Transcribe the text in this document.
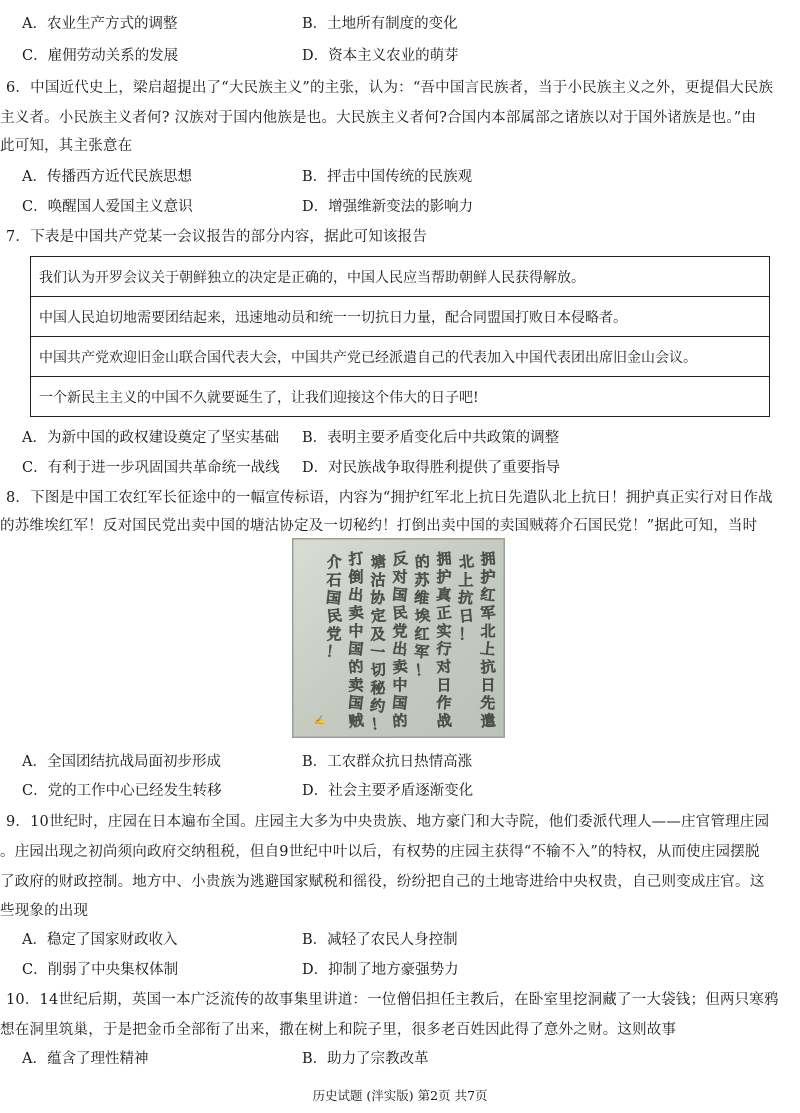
A．农业生产方式的调整	B．土地所有制度的变化
C．雇佣劳动关系的发展	D．资本主义农业的萌芽
6．中国近代史上，梁启超提出了“大民族主义”的主张，认为：“吾中国言民族者，当于小民族主义之外，更提倡大民族
主义者。小民族主义者何? 汉族对于国内他族是也。大民族主义者何?合国内本部属部之诸族以对于国外诸族是也。”由
此可知，其主张意在
A．传播西方近代民族思想	B．抨击中国传统的民族观
C．唤醒国人爱国主义意识	D．增强维新变法的影响力
7．下表是中国共产党某一会议报告的部分内容，据此可知该报告
我们认为开罗会议关于朝鲜独立的决定是正确的，中国人民应当帮助朝鲜人民获得解放。
中国人民迫切地需要团结起来，迅速地动员和统一一切抗日力量，配合同盟国打败日本侵略者。
中国共产党欢迎旧金山联合国代表大会，中国共产党已经派遣自己的代表加入中国代表团出席旧金山会议。
一个新民主主义的中国不久就要诞生了，让我们迎接这个伟大的日子吧!
A．为新中国的政权建设奠定了坚实基础 B．表明主要矛盾变化后中共政策的调整
C．有利于进一步巩固国共革命统一战线 D．对民族战争取得胜利提供了重要指导
8．下图是中国工农红军长征途中的一幅宣传标语，内容为“拥护红军北上抗日先遣队北上抗日！拥护真正实行对日作战
的苏维埃红军！反对国民党出卖中国的塘沽协定及一切秘约！打倒出卖中国的卖国贼蒋介石国民党！”据此可知，当时
拥
护
红
军
北
上
抗
日
先
遣
北
上
抗
日
！
拥
护
真
正
实
行
对
日
作
战
的
苏
维
埃
红
军
！
反
对
国
民
党
出
卖
中
国
的
塘
沽
协
定
及
一
切
秘
约
！
打
倒
出
卖
中
国
的
卖
国
贼
介
石
国
民
党
！
✍
A．全国团结抗战局面初步形成	B．工农群众抗日热情高涨
C．党的工作中心已经发生转移	D．社会主要矛盾逐渐变化
9．10世纪时，庄园在日本遍布全国。庄园主大多为中央贵族、地方豪门和大寺院，他们委派代理人——庄官管理庄园
。庄园出现之初尚须向政府交纳租税，但自9世纪中叶以后，有权势的庄园主获得“不输不入”的特权，从而使庄园摆脱
了政府的财政控制。地方中、小贵族为逃避国家赋税和徭役，纷纷把自己的土地寄进给中央权贵，自己则变成庄官。这
些现象的出现
A．稳定了国家财政收入	B．减轻了农民人身控制
C．削弱了中央集权体制	D．抑制了地方豪强势力
10．14世纪后期，英国一本广泛流传的故事集里讲道：一位僧侣担任主教后，在卧室里挖洞藏了一大袋钱；但两只寒鸦
想在洞里筑巢，于是把金币全部衔了出来，撒在树上和院子里，很多老百姓因此得了意外之财。这则故事
A．蕴含了理性精神	B．助力了宗教改革
历史试题 (泮实版) 第2页 共7页
